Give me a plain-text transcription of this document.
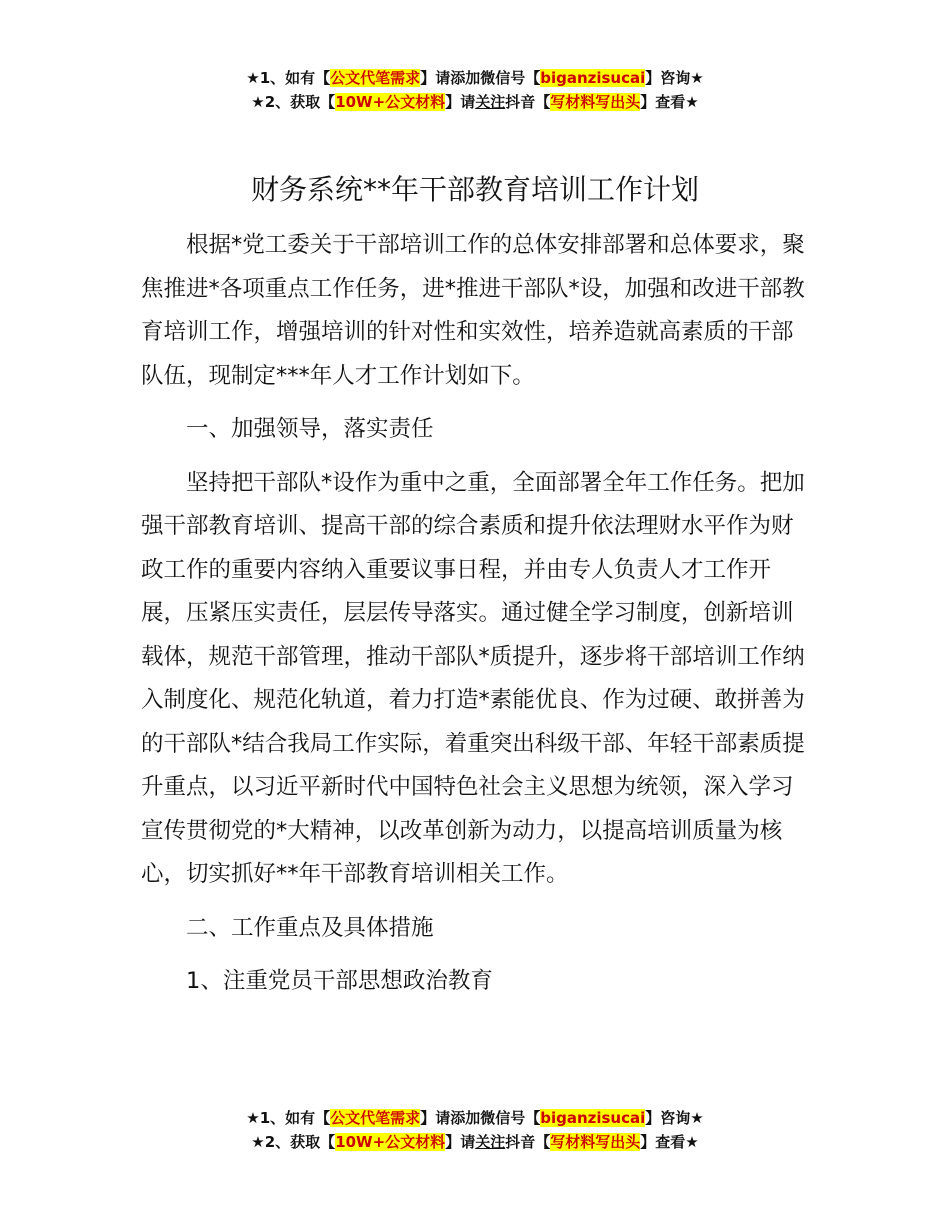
★1、如有【公文代笔需求】请添加微信号【biganzisucai】咨询★
★2、获取【10W+公文材料】请关注抖音【写材料写出头】查看★
财务系统**年干部教育培训工作计划

根据*党工委关于干部培训工作的总体安排部署和总体要求，聚焦推进*各项重点工作任务，进*推进干部队*设，加强和改进干部教育培训工作，增强培训的针对性和实效性，培养造就高素质的干部队伍，现制定***年人才工作计划如下。

一、加强领导，落实责任

坚持把干部队*设作为重中之重，全面部署全年工作任务。把加强干部教育培训、提高干部的综合素质和提升依法理财水平作为财政工作的重要内容纳入重要议事日程，并由专人负责人才工作开展，压紧压实责任，层层传导落实。通过健全学习制度，创新培训载体，规范干部管理，推动干部队*质提升，逐步将干部培训工作纳入制度化、规范化轨道，着力打造*素能优良、作为过硬、敢拼善为的干部队*结合我局工作实际，着重突出科级干部、年轻干部素质提升重点，以习近平新时代中国特色社会主义思想为统领，深入学习宣传贯彻党的*大精神，以改革创新为动力，以提高培训质量为核心，切实抓好**年干部教育培训相关工作。

二、工作重点及具体措施

1、注重党员干部思想政治教育

★1、如有【公文代笔需求】请添加微信号【biganzisucai】咨询★
★2、获取【10W+公文材料】请关注抖音【写材料写出头】查看★
